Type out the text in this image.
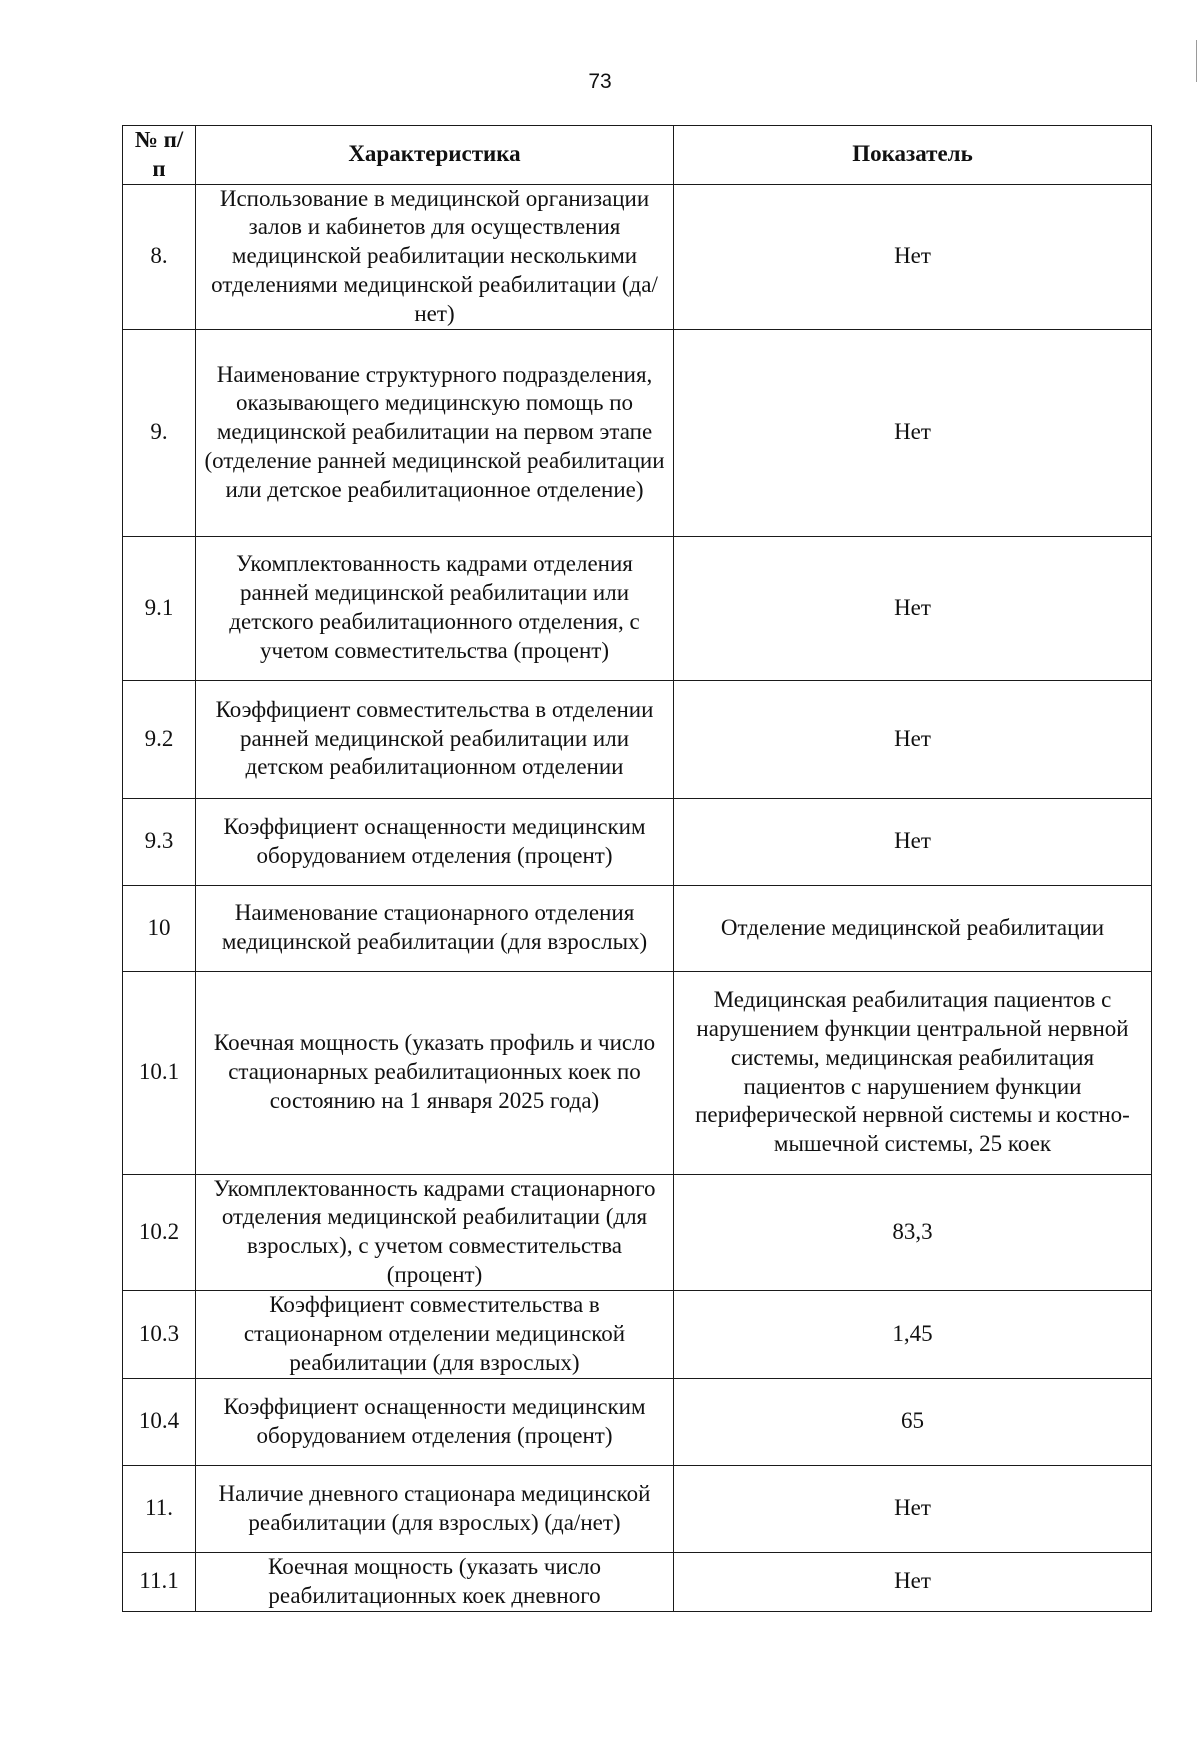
73
№ п/п	Характеристика	Показатель
8.	Использование в медицинской организации залов и кабинетов для осуществления медицинской реабилитации несколькими отделениями медицинской реабилитации (да/нет)	Нет
9.	Наименование структурного подразделения, оказывающего медицинскую помощь по медицинской реабилитации на первом этапе (отделение ранней медицинской реабилитации или детское реабилитационное отделение)	Нет
9.1	Укомплектованность кадрами отделения ранней медицинской реабилитации или детского реабилитационного отделения, с учетом совместительства (процент)	Нет
9.2	Коэффициент совместительства в отделении ранней медицинской реабилитации или детском реабилитационном отделении	Нет
9.3	Коэффициент оснащенности медицинским оборудованием отделения (процент)	Нет
10	Наименование стационарного отделения медицинской реабилитации (для взрослых)	Отделение медицинской реабилитации
10.1	Коечная мощность (указать профиль и число стационарных реабилитационных коек по состоянию на 1 января 2025 года)	Медицинская реабилитация пациентов с нарушением функции центральной нервной системы, медицинская реабилитация пациентов с нарушением функции периферической нервной системы и костно-мышечной системы, 25 коек
10.2	Укомплектованность кадрами стационарного отделения медицинской реабилитации (для взрослых), с учетом совместительства (процент)	83,3
10.3	Коэффициент совместительства в стационарном отделении медицинской реабилитации (для взрослых)	1,45
10.4	Коэффициент оснащенности медицинским оборудованием отделения (процент)	65
11.	Наличие дневного стационара медицинской реабилитации (для взрослых) (да/нет)	Нет
11.1	Коечная мощность (указать число реабилитационных коек дневного	Нет
